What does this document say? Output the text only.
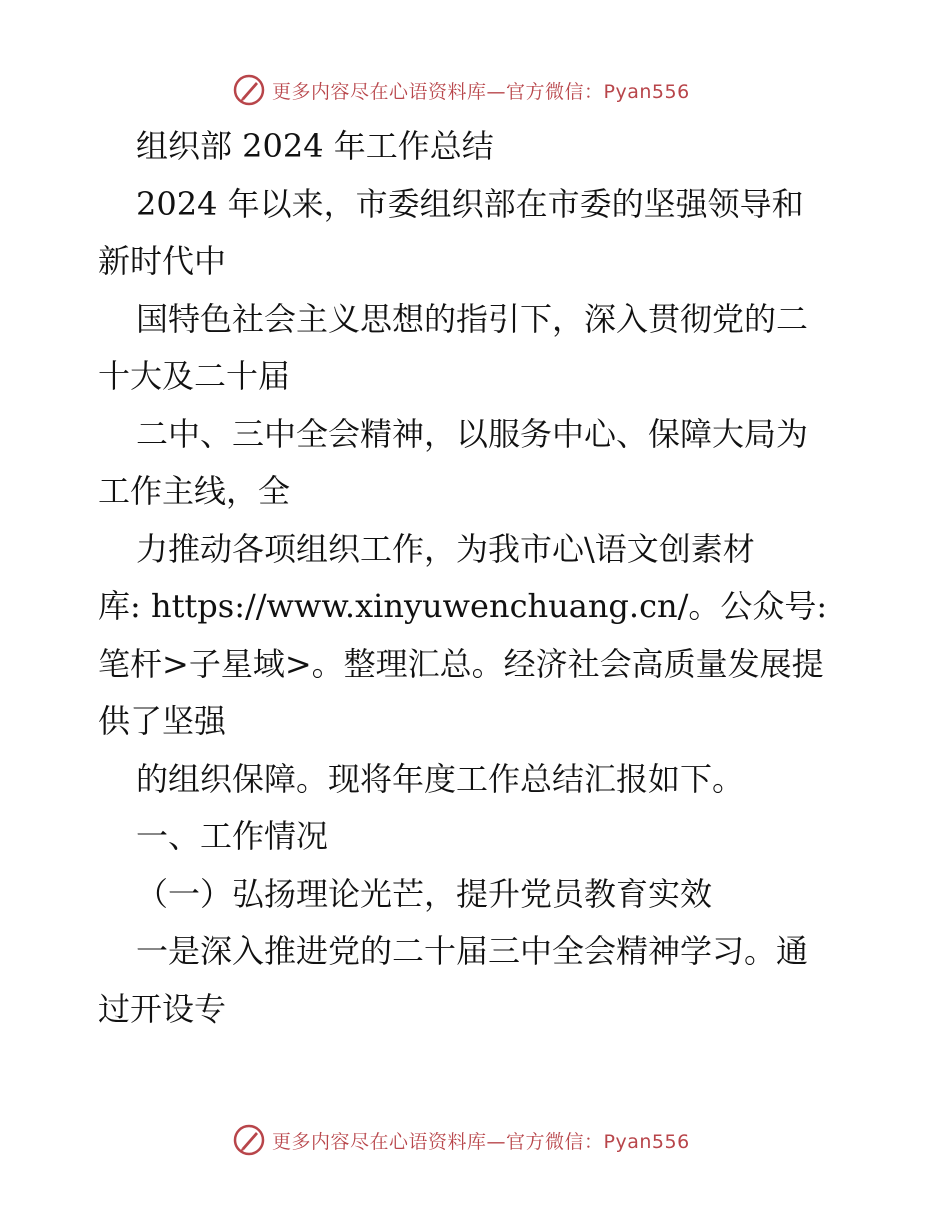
更多内容尽在心语资料库—官方微信：Pyan556
组织部 2024 年工作总结
2024 年以来，市委组织部在市委的坚强领导和
新时代中
国特色社会主义思想的指引下，深入贯彻党的二
十大及二十届
二中、三中全会精神，以服务中心、保障大局为
工作主线，全
力推动各项组织工作，为我市心\语文创素材
库: https://www.xinyuwenchuang.cn/。公众号:
笔杆>子星域>。整理汇总。经济社会高质量发展提
供了坚强
的组织保障。现将年度工作总结汇报如下。
一、工作情况
（一）弘扬理论光芒，提升党员教育实效
一是深入推进党的二十届三中全会精神学习。通
过开设专
更多内容尽在心语资料库—官方微信：Pyan556
